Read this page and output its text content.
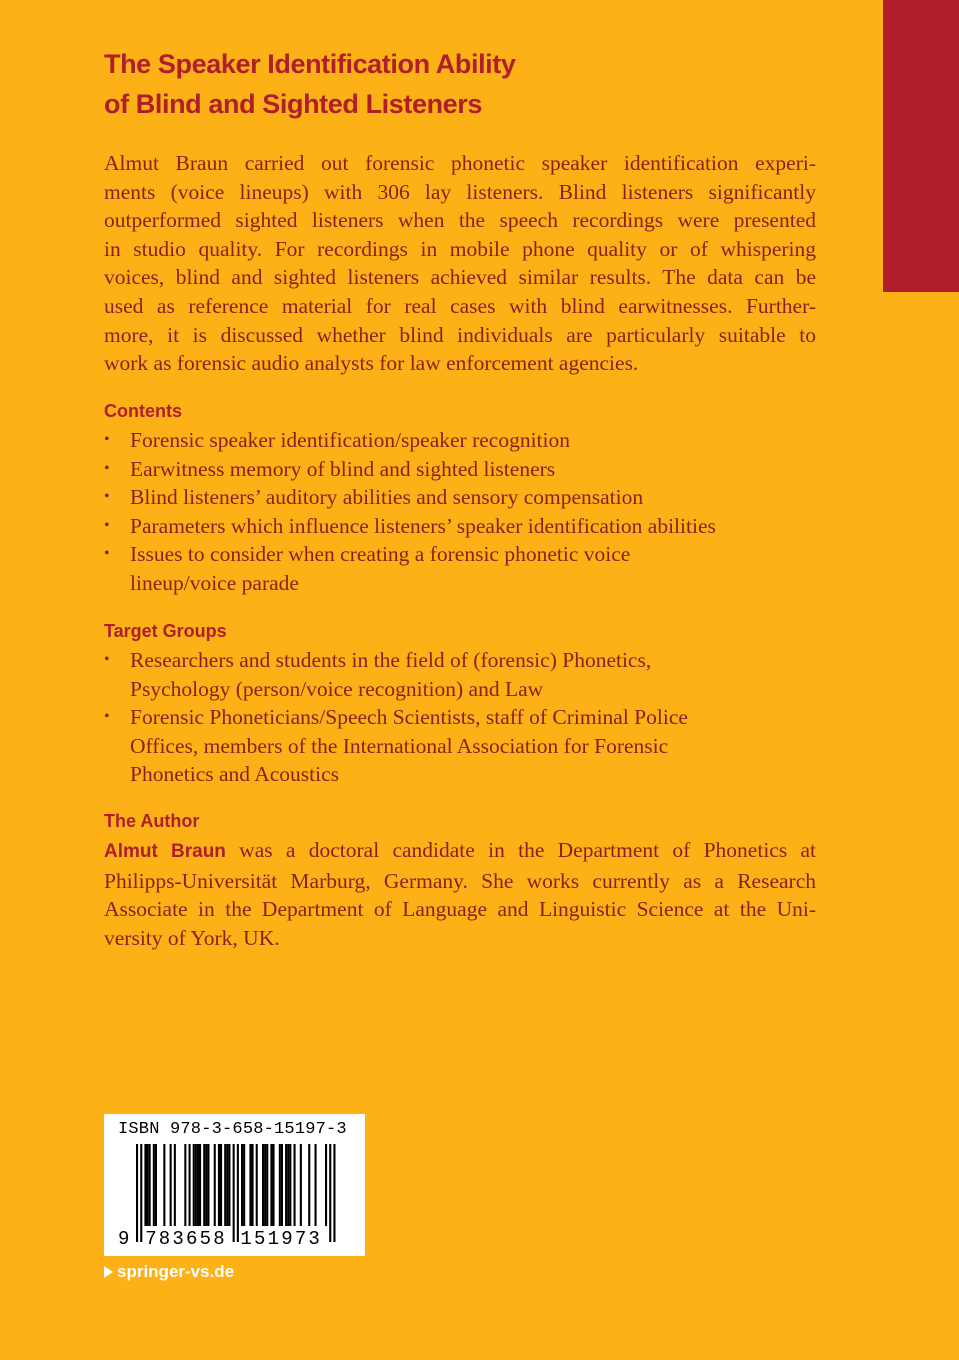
The Speaker Identification Ability
of Blind and Sighted Listeners
Almut Braun carried out forensic phonetic speaker identification experi-
ments (voice lineups) with 306 lay listeners. Blind listeners significantly
outperformed sighted listeners when the speech recordings were presented
in studio quality. For recordings in mobile phone quality or of whispering
voices, blind and sighted listeners achieved similar results. The data can be
used as reference material for real cases with blind earwitnesses. Further-
more, it is discussed whether blind individuals are particularly suitable to
work as forensic audio analysts for law enforcement agencies.
Contents
• Forensic speaker identification/speaker recognition
• Earwitness memory of blind and sighted listeners
• Blind listeners’ auditory abilities and sensory compensation
• Parameters which influence listeners’ speaker identification abilities
• Issues to consider when creating a forensic phonetic voice
lineup/voice parade
Target Groups
• Researchers and students in the field of (forensic) Phonetics,
Psychology (person/voice recognition) and Law
• Forensic Phoneticians/Speech Scientists, staff of Criminal Police
Offices, members of the International Association for Forensic
Phonetics and Acoustics
The Author
Almut Braun was a doctoral candidate in the Department of Phonetics at
Philipps-Universität Marburg, Germany. She works currently as a Research
Associate in the Department of Language and Linguistic Science at the Uni-
versity of York, UK.
ISBN 978-3-658-15197-3
9 783658 151973
springer-vs.de
